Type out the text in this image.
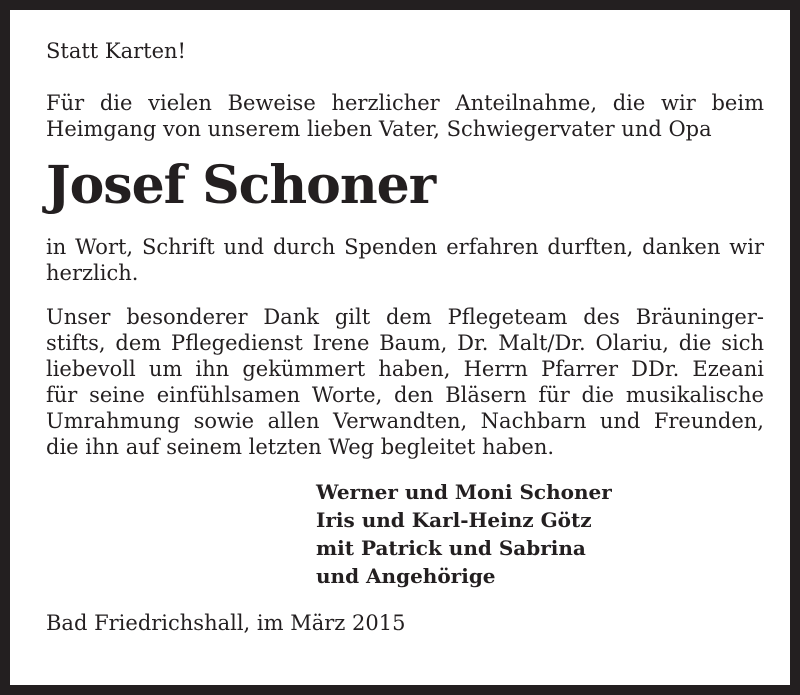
Statt Karten!

Für die vielen Beweise herzlicher Anteilnahme, die wir beim
Heimgang von unserem lieben Vater, Schwiegervater und Opa

Josef Schoner

in Wort, Schrift und durch Spenden erfahren durften, danken wir
herzlich.

Unser besonderer Dank gilt dem Pflegeteam des Bräuninger-
stifts, dem Pflegedienst Irene Baum, Dr. Malt/Dr. Olariu, die sich
liebevoll um ihn gekümmert haben, Herrn Pfarrer DDr. Ezeani
für seine einfühlsamen Worte, den Bläsern für die musikalische
Umrahmung sowie allen Verwandten, Nachbarn und Freunden,
die ihn auf seinem letzten Weg begleitet haben.

Werner und Moni Schoner
Iris und Karl-Heinz Götz
mit Patrick und Sabrina
und Angehörige

Bad Friedrichshall, im März 2015
